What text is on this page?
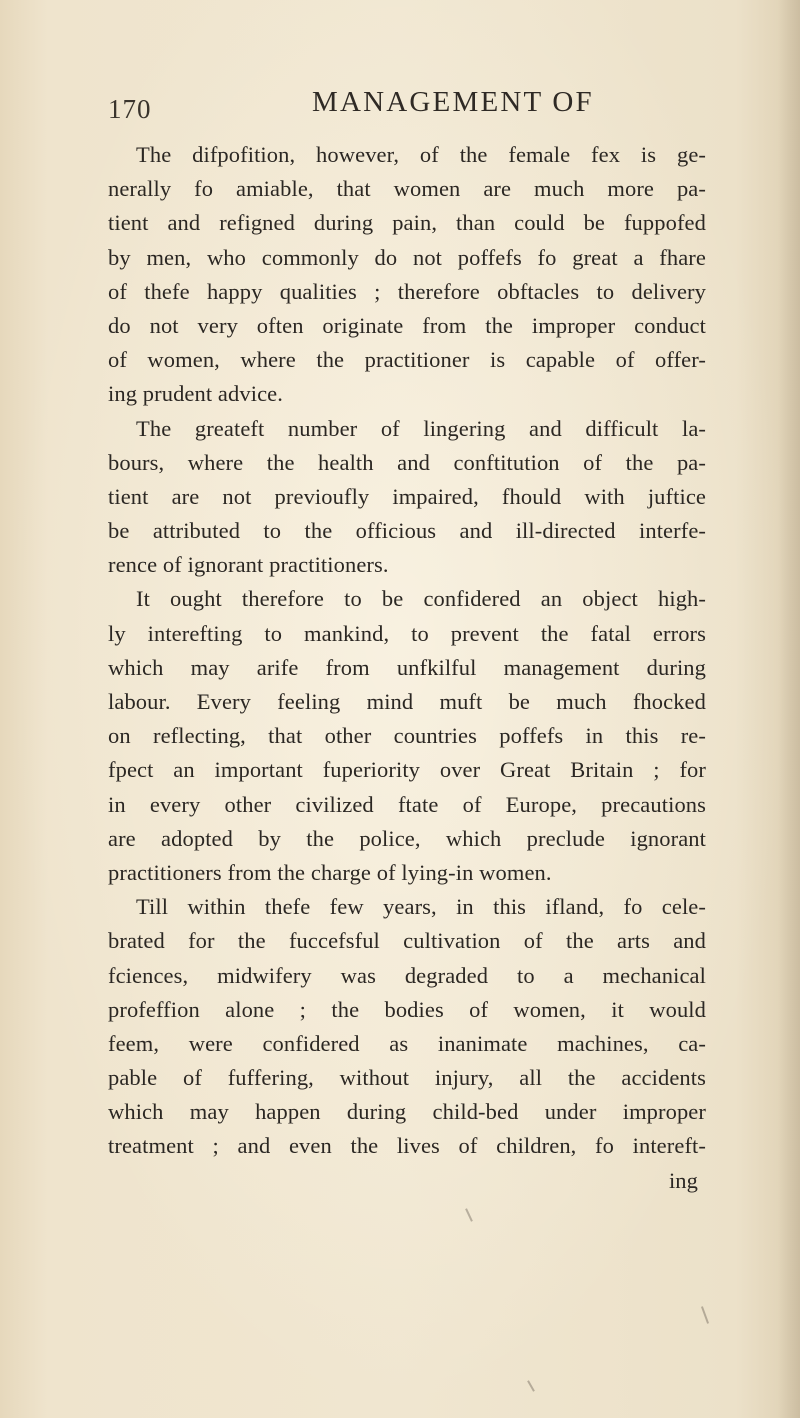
170	MANAGEMENT OF
The difpofition, however, of the female fex is ge-
nerally fo amiable, that women are much more pa-
tient and refigned during pain, than could be fuppofed
by men, who commonly do not poffefs fo great a fhare
of thefe happy qualities ; therefore obftacles to delivery
do not very often originate from the improper conduct
of women, where the practitioner is capable of offer-
ing prudent advice.
The greateft number of lingering and difficult la-
bours, where the health and conftitution of the pa-
tient are not previoufly impaired, fhould with juftice
be attributed to the officious and ill-directed interfe-
rence of ignorant practitioners.
It ought therefore to be confidered an object high-
ly interefting to mankind, to prevent the fatal errors
which may arife from unfkilful management during
labour. Every feeling mind muft be much fhocked
on reflecting, that other countries poffefs in this re-
fpect an important fuperiority over Great Britain ; for
in every other civilized ftate of Europe, precautions
are adopted by the police, which preclude ignorant
practitioners from the charge of lying-in women.
Till within thefe few years, in this ifland, fo cele-
brated for the fuccefsful cultivation of the arts and
fciences, midwifery was degraded to a mechanical
profeffion alone ; the bodies of women, it would
feem, were confidered as inanimate machines, ca-
pable of fuffering, without injury, all the accidents
which may happen during child-bed under improper
treatment ; and even the lives of children, fo intereft-
ing
